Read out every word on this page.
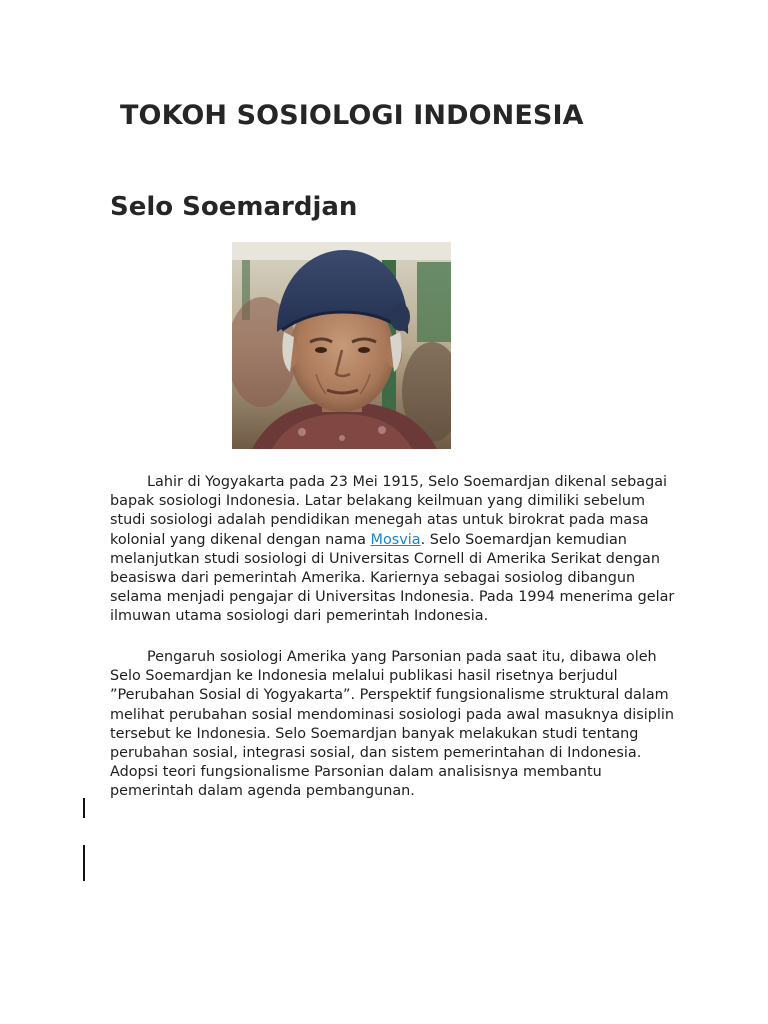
TOKOH SOSIOLOGI INDONESIA
Selo Soemardjan

Lahir di Yogyakarta pada 23 Mei 1915, Selo Soemardjan dikenal sebagai bapak sosiologi Indonesia. Latar belakang keilmuan yang dimiliki sebelum studi sosiologi adalah pendidikan menegah atas untuk birokrat pada masa kolonial yang dikenal dengan nama Mosvia. Selo Soemardjan kemudian melanjutkan studi sosiologi di Universitas Cornell di Amerika Serikat dengan beasiswa dari pemerintah Amerika. Kariernya sebagai sosiolog dibangun selama menjadi pengajar di Universitas Indonesia. Pada 1994 menerima gelar ilmuwan utama sosiologi dari pemerintah Indonesia.

Pengaruh sosiologi Amerika yang Parsonian pada saat itu, dibawa oleh Selo Soemardjan ke Indonesia melalui publikasi hasil risetnya berjudul ”Perubahan Sosial di Yogyakarta”. Perspektif fungsionalisme struktural dalam melihat perubahan sosial mendominasi sosiologi pada awal masuknya disiplin tersebut ke Indonesia. Selo Soemardjan banyak melakukan studi tentang perubahan sosial, integrasi sosial, dan sistem pemerintahan di Indonesia. Adopsi teori fungsionalisme Parsonian dalam analisisnya membantu pemerintah dalam agenda pembangunan.
